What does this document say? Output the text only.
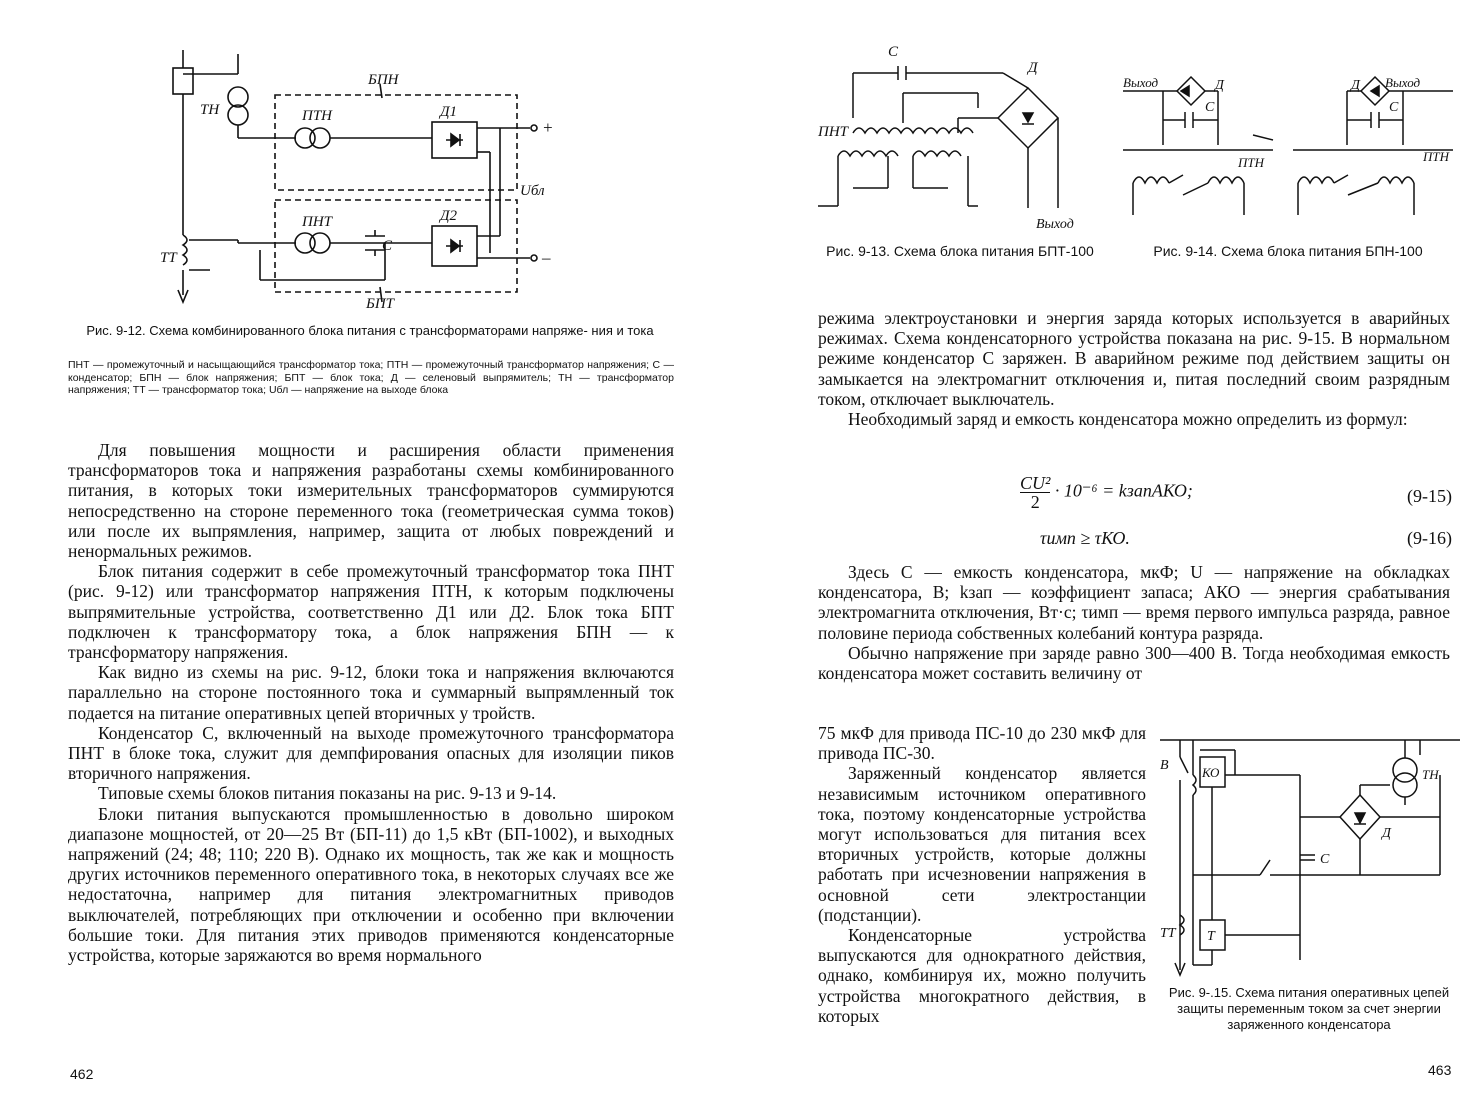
ТН	ПТН
ПНТ
БПН
БПТ
Д1
Д2
ТТ
С
Uбл
+
–
Рис. 9-12. Схема комбинированного блока питания с трансформаторами напряже- ния и тока
ПНТ — промежуточный и насыщающийся трансформатор тока; ПТН — промежуточный трансформатор напряжения; С — конденсатор; БПН — блок напряжения; БПТ — блок тока; Д — селеновый выпрямитель; ТН — трансформатор напряжения; ТТ — трансформатор тока; Uбл — напряжение на выходе блока

Для повышения мощности и расширения области применения трансформаторов тока и напряжения разработаны схемы комбинированного питания, в которых токи измерительных трансформаторов суммируются непосредственно на стороне переменного тока (геометрическая сумма токов) или после их выпрямления, например, защита от любых повреждений и ненормальных режимов.

Блок питания содержит в себе промежуточный трансформатор тока ПНТ (рис. 9-12) или трансформатор напряжения ПТН, к которым подключены выпрямительные устройства, соответственно Д1 или Д2. Блок тока БПТ подключен к трансформатору тока, а блок напряжения БПН — к трансформатору напряжения.

Как видно из схемы на рис. 9-12, блоки тока и напряжения включаются параллельно на стороне постоянного тока и суммарный выпрямленный ток подается на питание оперативных цепей вторичных у тройств.

Конденсатор С, включенный на выходе промежуточного трансформатора ПНТ в блоке тока, служит для демпфирования опасных для изоляции пиков вторичного напряжения.

Типовые схемы блоков питания показаны на рис. 9-13 и 9-14.

Блоки питания выпускаются промышленностью в довольно широком диапазоне мощностей, от 20—25 Вт (БП-11) до 1,5 кВт (БП-1002), и выходных напряжений (24; 48; 110; 220 В). Однако их мощность, так же как и мощность других источников переменного оперативного тока, в некоторых случаях все же недостаточна, например для питания электромагнитных приводов выключателей, потребляющих при отключении и особенно при включении большие токи. Для питания этих приводов применяются конденсаторные устройства, которые заряжаются во время нормального

462
С
Д
ПНТ
Выход
Выход	Д
С
Д Выход
С
ПТН	ПТН
Рис. 9-13. Схема блока питания БПТ-100	Рис. 9-14. Схема блока питания БПН-100

режима электроустановки и энергия заряда которых используется в аварийных режимах. Схема конденсаторного устройства показана на рис. 9-15. В нормальном режиме конденсатор С заряжен. В аварийном режиме под действием защиты он замыкается на электромагнит отключения и, питая последний своим разрядным током, отключает выключатель.

Необходимый заряд и емкость конденсатора можно определить из формул:

$\frac{\text{CU²}}{2} \cdot 10^{-6}$ = kзапAКО;	(9-15)
τимп ≥ τКО.	(9-16)

Здесь С — емкость конденсатора, мкФ; U — напряжение на обкладках конденсатора, В; kзап — коэффициент запаса; AКО — энергия срабатывания электромагнита отключения, Вт·с; τимп — время первого импульса разряда, равное половине периода собственных колебаний контура разряда.

Обычно напряжение при заряде равно 300—400 В. Тогда необходимая емкость конденсатора может составить величину от

75 мкФ для привода ПС-10 до 230 мкФ для привода ПС-30.

Заряженный конденсатор является независимым источником оперативного тока, поэтому конденсаторные устройства могут использоваться для питания всех вторичных устройств, которые должны работать при исчезновении напряжения в основной сети электростанции (подстанции).

Конденсаторные устройства выпускаются для однократного действия, однако, комбинируя их, можно получить устройства многократного действия, в которых

В	КО	ТН
Д
С
ТТ Т
Рис. 9-.15. Схема питания оперативных цепей защиты переменным током за счет энергии заряженного конденсатора
463
